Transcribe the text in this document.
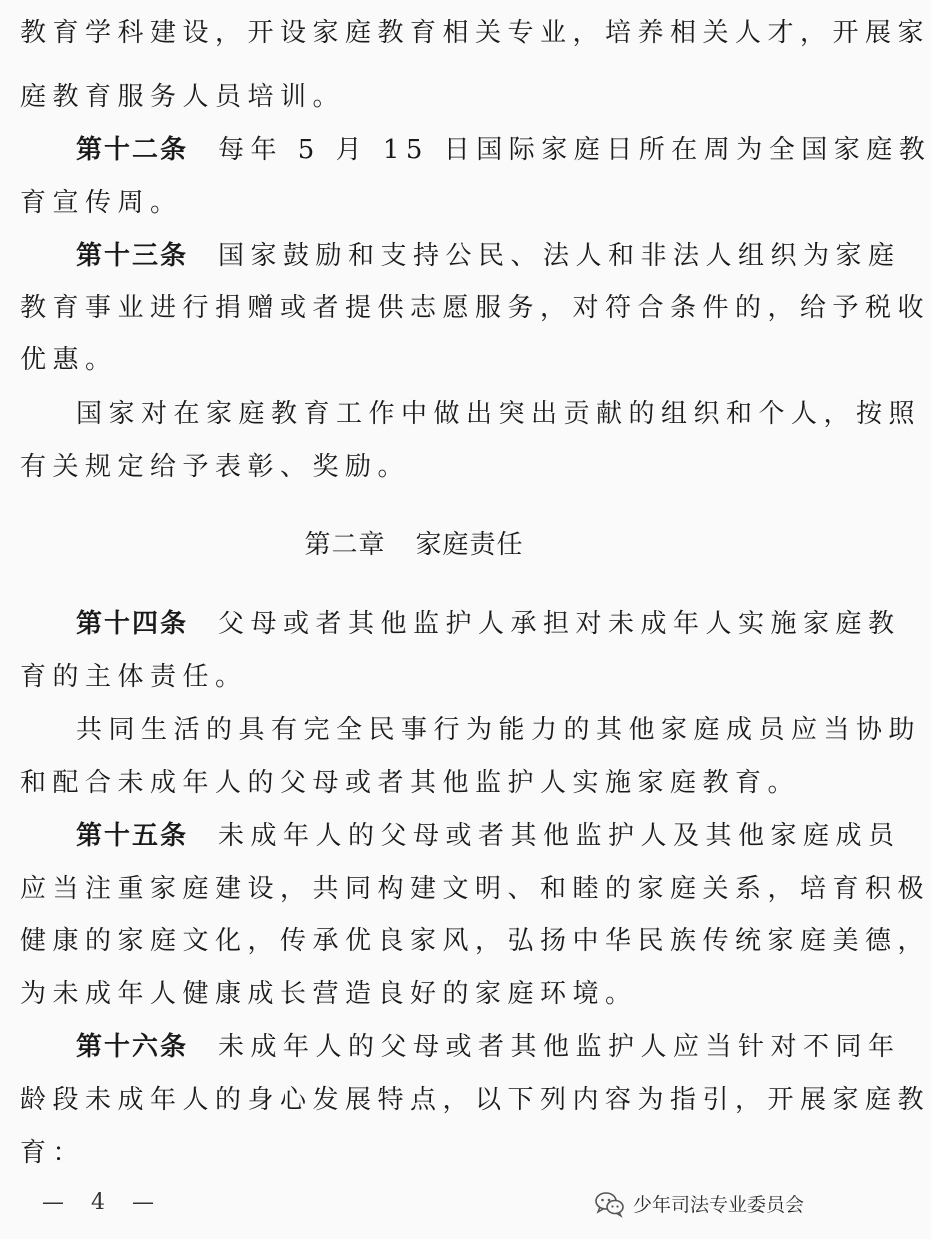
教育学科建设，开设家庭教育相关专业，培养相关人才，开展家
庭教育服务人员培训。
第十二条 每年 5 月 15 日国际家庭日所在周为全国家庭教
育宣传周。
第十三条 国家鼓励和支持公民、法人和非法人组织为家庭
教育事业进行捐赠或者提供志愿服务，对符合条件的，给予税收
优惠。
国家对在家庭教育工作中做出突出贡献的组织和个人，按照
有关规定给予表彰、奖励。
第二章 家庭责任
第十四条 父母或者其他监护人承担对未成年人实施家庭教
育的主体责任。
共同生活的具有完全民事行为能力的其他家庭成员应当协助
和配合未成年人的父母或者其他监护人实施家庭教育。
第十五条 未成年人的父母或者其他监护人及其他家庭成员
应当注重家庭建设，共同构建文明、和睦的家庭关系，培育积极
健康的家庭文化，传承优良家风，弘扬中华民族传统家庭美德，
为未成年人健康成长营造良好的家庭环境。
第十六条 未成年人的父母或者其他监护人应当针对不同年
龄段未成年人的身心发展特点，以下列内容为指引，开展家庭教
育：
— 4 —	少年司法专业委员会
